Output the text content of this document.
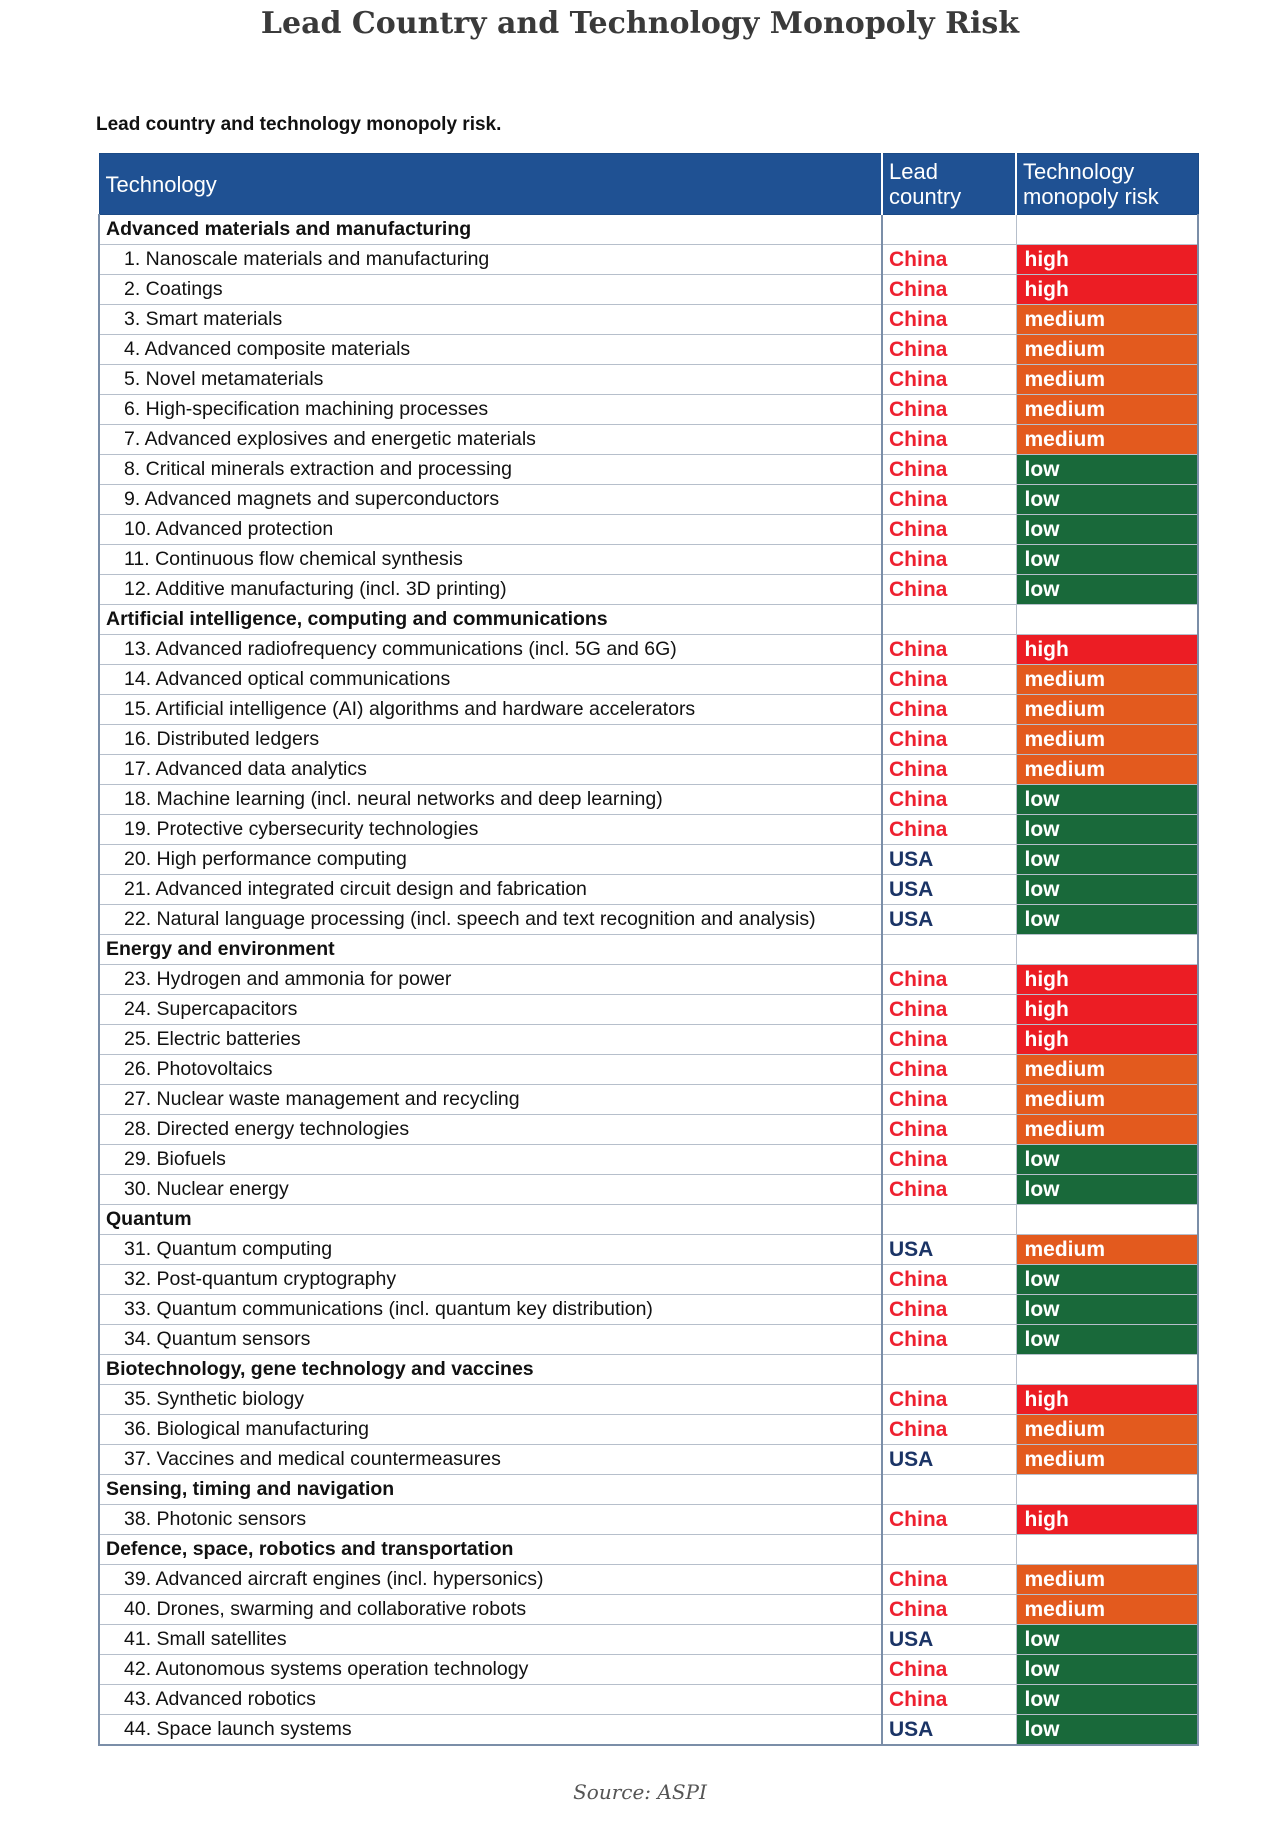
Lead Country and Technology Monopoly Risk

Lead country and technology monopoly risk.

Technology	Lead country	Technology monopoly risk
Advanced materials and manufacturing		
1. Nanoscale materials and manufacturing	China	high
2. Coatings	China	high
3. Smart materials	China	medium
4. Advanced composite materials	China	medium
5. Novel metamaterials	China	medium
6. High-specification machining processes	China	medium
7. Advanced explosives and energetic materials	China	medium
8. Critical minerals extraction and processing	China	low
9. Advanced magnets and superconductors	China	low
10. Advanced protection	China	low
11. Continuous flow chemical synthesis	China	low
12. Additive manufacturing (incl. 3D printing)	China	low
Artificial intelligence, computing and communications		
13. Advanced radiofrequency communications (incl. 5G and 6G)	China	high
14. Advanced optical communications	China	medium
15. Artificial intelligence (AI) algorithms and hardware accelerators	China	medium
16. Distributed ledgers	China	medium
17. Advanced data analytics	China	medium
18. Machine learning (incl. neural networks and deep learning)	China	low
19. Protective cybersecurity technologies	China	low
20. High performance computing	USA	low
21. Advanced integrated circuit design and fabrication	USA	low
22. Natural language processing (incl. speech and text recognition and analysis)	USA	low
Energy and environment		
23. Hydrogen and ammonia for power	China	high
24. Supercapacitors	China	high
25. Electric batteries	China	high
26. Photovoltaics	China	medium
27. Nuclear waste management and recycling	China	medium
28. Directed energy technologies	China	medium
29. Biofuels	China	low
30. Nuclear energy	China	low
Quantum		
31. Quantum computing	USA	medium
32. Post-quantum cryptography	China	low
33. Quantum communications (incl. quantum key distribution)	China	low
34. Quantum sensors	China	low
Biotechnology, gene technology and vaccines		
35. Synthetic biology	China	high
36. Biological manufacturing	China	medium
37. Vaccines and medical countermeasures	USA	medium
Sensing, timing and navigation		
38. Photonic sensors	China	high
Defence, space, robotics and transportation		
39. Advanced aircraft engines (incl. hypersonics)	China	medium
40. Drones, swarming and collaborative robots	China	medium
41. Small satellites	USA	low
42. Autonomous systems operation technology	China	low
43. Advanced robotics	China	low
44. Space launch systems	USA	low

Source: ASPI
